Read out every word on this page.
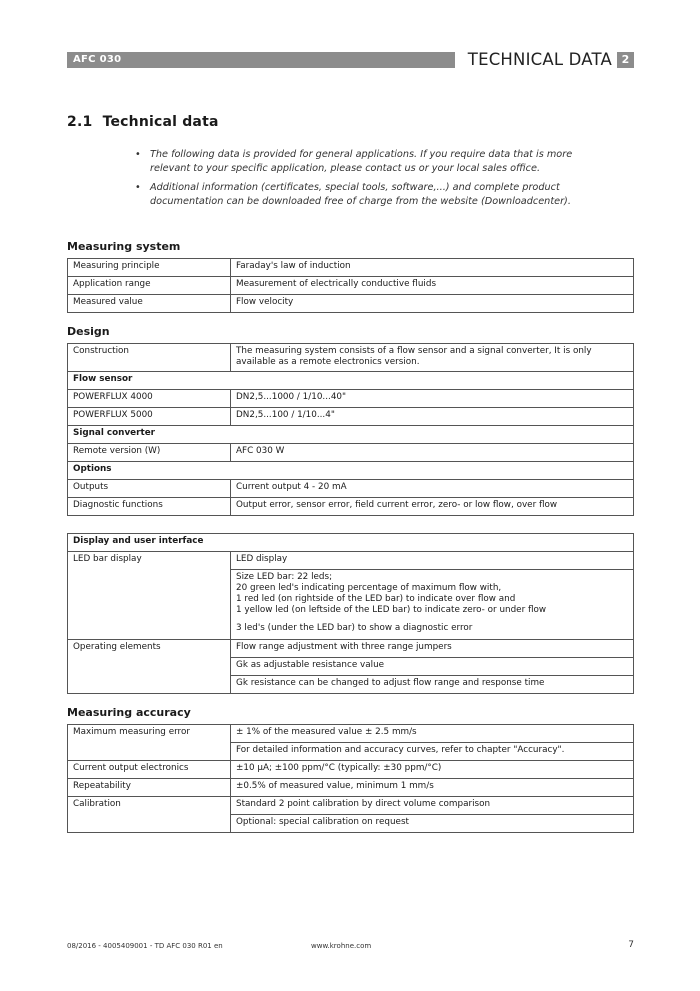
AFC 030	TECHNICAL DATA 2
2.1 Technical data
• The following data is provided for general applications. If you require data that is more relevant to your specific application, please contact us or your local sales office.
• Additional information (certificates, special tools, software,...) and complete product documentation can be downloaded free of charge from the website (Downloadcenter).
Measuring system
Measuring principle	Faraday's law of induction
Application range	Measurement of electrically conductive fluids
Measured value	Flow velocity
Design
Construction	The measuring system consists of a flow sensor and a signal converter, It is only available as a remote electronics version.
Flow sensor	
POWERFLUX 4000	DN2,5...1000 / 1/10...40"
POWERFLUX 5000	DN2,5...100 / 1/10...4"
Signal converter	
Remote version (W)	AFC 030 W
Options	
Outputs	Current output 4 - 20 mA
Diagnostic functions	Output error, sensor error, field current error, zero- or low flow, over flow
Display and user interface	
LED bar display	LED display

	Size LED bar: 22 leds;
20 green led's indicating percentage of maximum flow with,
1 red led (on rightside of the LED bar) to indicate over flow and
1 yellow led (on leftside of the LED bar) to indicate zero- or under flow
3 led's (under the LED bar) to show a diagnostic error

Operating elements	Flow range adjustment with three range jumpers
	Gk as adjustable resistance value
	Gk resistance can be changed to adjust flow range and response time
Measuring accuracy
Maximum measuring error	± 1% of the measured value ± 2.5 mm/s
	For detailed information and accuracy curves, refer to chapter "Accuracy".
Current output electronics	±10 µA; ±100 ppm/°C (typically: ±30 ppm/°C)
Repeatability	±0.5% of measured value, minimum 1 mm/s
Calibration	Standard 2 point calibration by direct volume comparison
	Optional: special calibration on request
08/2016 - 4005409001 - TD AFC 030 R01 en	www.krohne.com	7
